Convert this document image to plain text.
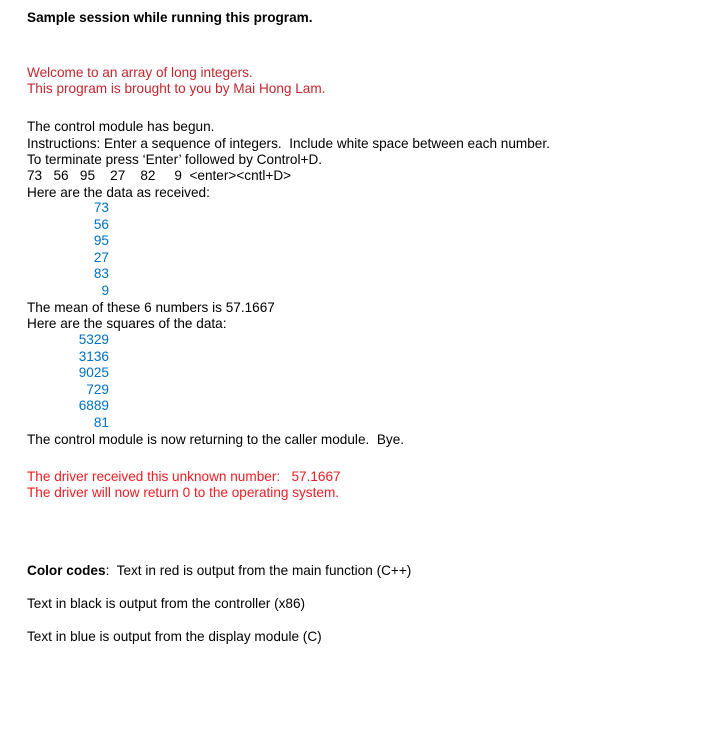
Sample session while running this program.
Welcome to an array of long integers.
This program is brought to you by Mai Hong Lam.
The control module has begun.
Instructions: Enter a sequence of integers.  Include white space between each number.
To terminate press ‘Enter’ followed by Control+D.
73   56   95    27    82     9  <enter><cntl+D>
Here are the data as received:
73
56
95
27
83
9
The mean of these 6 numbers is 57.1667
Here are the squares of the data:
5329
3136
9025
729
6889
81
The control module is now returning to the caller module.  Bye.
The driver received this unknown number:   57.1667
The driver will now return 0 to the operating system.
Color codes:  Text in red is output from the main function (C++)
Text in black is output from the controller (x86)
Text in blue is output from the display module (C)
